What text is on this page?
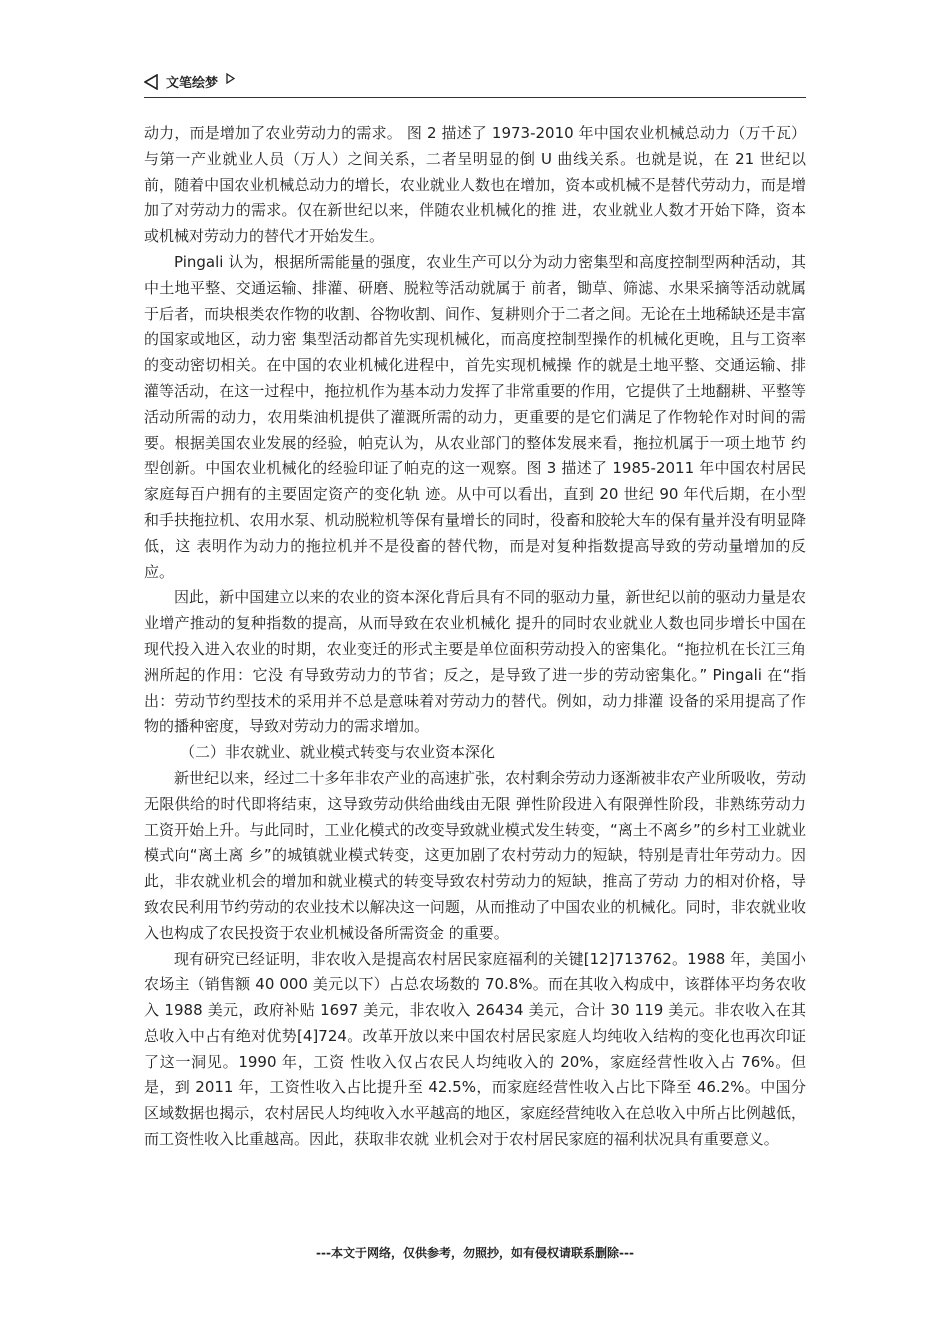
文笔绘梦

动力，而是增加了农业劳动力的需求。 图 2 描述了 1973-2010 年中国农业机械总动力（万千瓦）与第一产业就业人员（万人）之间关系，二者呈明显的倒 U 曲线关系。也就是说，在 21 世纪以 前，随着中国农业机械总动力的增长，农业就业人数也在增加，资本或机械不是替代劳动力，而是增加了对劳动力的需求。仅在新世纪以来，伴随农业机械化的推 进，农业就业人数才开始下降，资本或机械对劳动力的替代才开始发生。

Pingali 认为，根据所需能量的强度，农业生产可以分为动力密集型和高度控制型两种活动，其中土地平整、交通运输、排灌、研磨、脱粒等活动就属于 前者，锄草、筛滤、水果采摘等活动就属于后者，而块根类农作物的收割、谷物收割、间作、复耕则介于二者之间。无论在土地稀缺还是丰富的国家或地区，动力密 集型活动都首先实现机械化，而高度控制型操作的机械化更晚，且与工资率的变动密切相关。在中国的农业机械化进程中，首先实现机械操 作的就是土地平整、交通运输、排灌等活动，在这一过程中，拖拉机作为基本动力发挥了非常重要的作用，它提供了土地翻耕、平整等活动所需的动力，农用柴油机提供了灌溉所需的动力，更重要的是它们满足了作物轮作对时间的需要。根据美国农业发展的经验，帕克认为，从农业部门的整体发展来看，拖拉机属于一项土地节 约型创新。中国农业机械化的经验印证了帕克的这一观察。图 3 描述了 1985-2011 年中国农村居民家庭每百户拥有的主要固定资产的变化轨 迹。从中可以看出，直到 20 世纪 90 年代后期，在小型和手扶拖拉机、农用水泵、机动脱粒机等保有量增长的同时，役畜和胶轮大车的保有量并没有明显降低，这 表明作为动力的拖拉机并不是役畜的替代物，而是对复种指数提高导致的劳动量增加的反应。

因此，新中国建立以来的农业的资本深化背后具有不同的驱动力量，新世纪以前的驱动力量是农业增产推动的复种指数的提高，从而导致在农业机械化 提升的同时农业就业人数也同步增长中国在现代投入进入农业的时期，农业变迁的形式主要是单位面积劳动投入的密集化。“拖拉机在长江三角洲所起的作用：它没 有导致劳动力的节省；反之，是导致了进一步的劳动密集化。” Pingali 在“指出：劳动节约型技术的采用并不总是意味着对劳动力的替代。例如，动力排灌 设备的采用提高了作物的播种密度，导致对劳动力的需求增加。

（二）非农就业、就业模式转变与农业资本深化

新世纪以来，经过二十多年非农产业的高速扩张，农村剩余劳动力逐渐被非农产业所吸收，劳动无限供给的时代即将结束，这导致劳动供给曲线由无限 弹性阶段进入有限弹性阶段，非熟练劳动力工资开始上升。与此同时，工业化模式的改变导致就业模式发生转变，“离土不离乡”的乡村工业就业模式向“离土离 乡”的城镇就业模式转变，这更加剧了农村劳动力的短缺，特别是青壮年劳动力。因此，非农就业机会的增加和就业模式的转变导致农村劳动力的短缺，推高了劳动 力的相对价格，导致农民利用节约劳动的农业技术以解决这一问题，从而推动了中国农业的机械化。同时，非农就业收入也构成了农民投资于农业机械设备所需资金 的重要。

现有研究已经证明，非农收入是提高农村居民家庭福利的关键[12]713762。1988 年，美国小农场主（销售额 40 000 美元以下）占总农场数的 70.8%。而在其收入构成中，该群体平均务农收入 1988 美元，政府补贴 1697 美元，非农收入 26434 美元，合计 30 119 美元。非农收入在其总收入中占有绝对优势[4]724。改革开放以来中国农村居民家庭人均纯收入结构的变化也再次印证了这一洞见。1990 年，工资 性收入仅占农民人均纯收入的 20%，家庭经营性收入占 76%。但是，到 2011 年，工资性收入占比提升至 42.5%，而家庭经营性收入占比下降至 46.2%。中国分区域数据也揭示，农村居民人均纯收入水平越高的地区，家庭经营纯收入在总收入中所占比例越低，而工资性收入比重越高。因此，获取非农就 业机会对于农村居民家庭的福利状况具有重要意义。

---本文于网络，仅供参考，勿照抄，如有侵权请联系删除---
